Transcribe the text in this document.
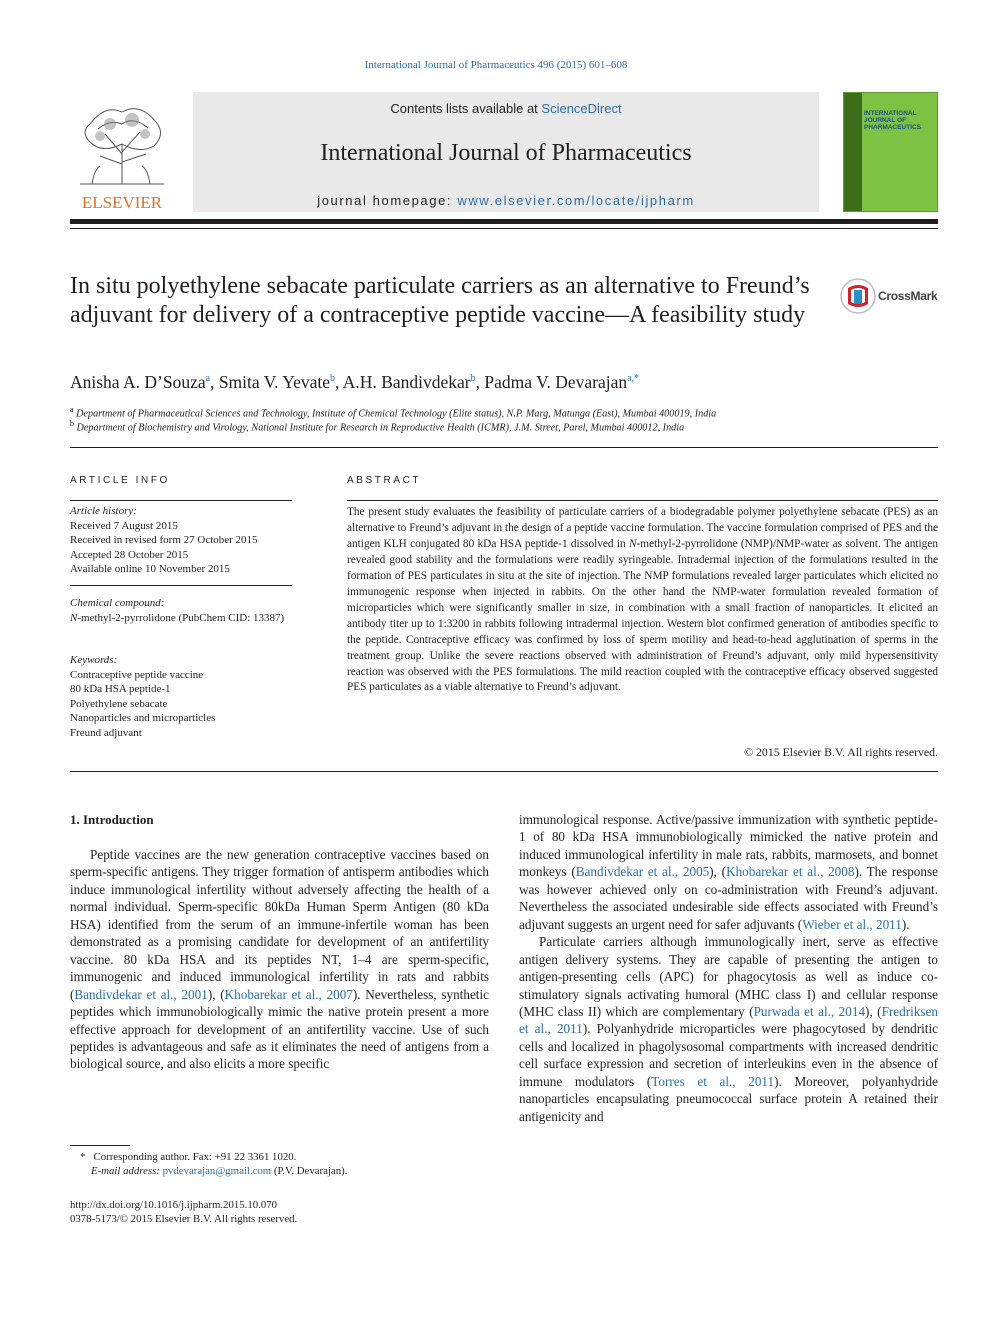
International Journal of Pharmaceutics 496 (2015) 601–608
ELSEVIER
Contents lists available at ScienceDirect
International Journal of Pharmaceutics
journal homepage: www.elsevier.com/locate/ijpharm
INTERNATIONAL JOURNAL OF PHARMACEUTICS
In situ polyethylene sebacate particulate carriers as an alternative to Freund’s adjuvant for delivery of a contraceptive peptide vaccine—A feasibility study
CrossMark
Anisha A. D’Souza$^a$, Smita V. Yevate$^b$, A.H. Bandivdekar$^b$, Padma V. Devarajan$^{a,*}$
$^a$ Department of Pharmaceutical Sciences and Technology, Institute of Chemical Technology (Elite status), N.P. Marg, Matunga (East), Mumbai 400019, India
$^b$ Department of Biochemistry and Virology, National Institute for Research in Reproductive Health (ICMR), J.M. Street, Parel, Mumbai 400012, India
ARTICLE INFO
Article history:
Received 7 August 2015
Received in revised form 27 October 2015
Accepted 28 October 2015
Available online 10 November 2015
Chemical compound:
N-methyl-2-pyrrolidone (PubChem CID: 13387)
Keywords:
Contraceptive peptide vaccine
80 kDa HSA peptide-1
Polyethylene sebacate
Nanoparticles and microparticles
Freund adjuvant
ABSTRACT
The present study evaluates the feasibility of particulate carriers of a biodegradable polymer polyethylene sebacate (PES) as an alternative to Freund’s adjuvant in the design of a peptide vaccine formulation. The vaccine formulation comprised of PES and the antigen KLH conjugated 80 kDa HSA peptide-1 dissolved in N-methyl-2-pyrrolidone (NMP)/NMP-water as solvent. The antigen revealed good stability and the formulations were readily syringeable. Intradermal injection of the formulations resulted in the formation of PES particulates in situ at the site of injection. The NMP formulations revealed larger particulates which elicited no immunogenic response when injected in rabbits. On the other hand the NMP-water formulation revealed formation of microparticles which were significantly smaller in size, in combination with a small fraction of nanoparticles. It elicited an antibody titer up to 1:3200 in rabbits following intradermal injection. Western blot confirmed generation of antibodies specific to the peptide. Contraceptive efficacy was confirmed by loss of sperm motility and head-to-head agglutination of sperms in the treatment group. Unlike the severe reactions observed with administration of Freund’s adjuvant, only mild hypersensitivity reaction was observed with the PES formulations. The mild reaction coupled with the contraceptive efficacy observed suggested PES particulates as a viable alternative to Freund’s adjuvant.
© 2015 Elsevier B.V. All rights reserved.
1. Introduction

Peptide vaccines are the new generation contraceptive vaccines based on sperm-specific antigens. They trigger formation of antisperm antibodies which induce immunological infertility without adversely affecting the health of a normal individual. Sperm-specific 80kDa Human Sperm Antigen (80 kDa HSA) identified from the serum of an immune-infertile woman has been demonstrated as a promising candidate for development of an antifertility vaccine. 80 kDa HSA and its peptides NT, 1–4 are sperm-specific, immunogenic and induced immunological infertility in rats and rabbits (Bandivdekar et al., 2001), (Khobarekar et al., 2007). Nevertheless, synthetic peptides which immunobiologically mimic the native protein present a more effective approach for development of an antifertility vaccine. Use of such peptides is advantageous and safe as it eliminates the need of antigens from a biological source, and also elicits a more specific

immunological response. Active/passive immunization with synthetic peptide-1 of 80 kDa HSA immunobiologically mimicked the native protein and induced immunological infertility in male rats, rabbits, marmosets, and bonnet monkeys (Bandivdekar et al., 2005), (Khobarekar et al., 2008). The response was however achieved only on co-administration with Freund’s adjuvant. Nevertheless the associated undesirable side effects associated with Freund’s adjuvant suggests an urgent need for safer adjuvants (Wieber et al., 2011).

Particulate carriers although immunologically inert, serve as effective antigen delivery systems. They are capable of presenting the antigen to antigen-presenting cells (APC) for phagocytosis as well as induce co-stimulatory signals activating humoral (MHC class I) and cellular response (MHC class II) which are complementary (Purwada et al., 2014), (Fredriksen et al., 2011). Polyanhydride microparticles were phagocytosed by dendritic cells and localized in phagolysosomal compartments with increased dendritic cell surface expression and secretion of interleukins even in the absence of immune modulators (Torres et al., 2011). Moreover, polyanhydride nanoparticles encapsulating pneumococcal surface protein A retained their antigenicity and

* Corresponding author. Fax: +91 22 3361 1020.
E-mail address: pvdevarajan@gmail.com (P.V. Devarajan).
http://dx.doi.org/10.1016/j.ijpharm.2015.10.070
0378-5173/© 2015 Elsevier B.V. All rights reserved.
